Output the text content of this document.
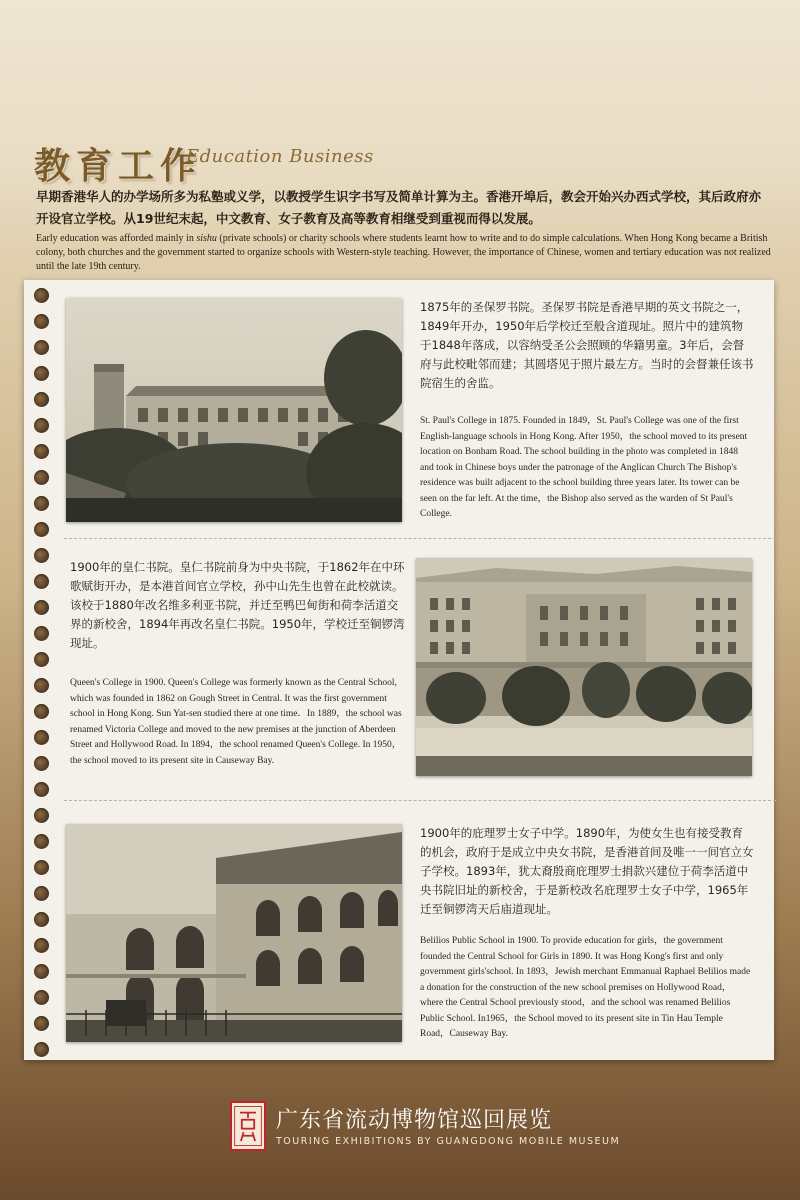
教育工作
Education Business

早期香港华人的办学场所多为私塾或义学，以教授学生识字书写及简单计算为主。香港开埠后，教会开始兴办西式学校，其后政府亦开设官立学校。从19世纪末起，中文教育、女子教育及高等教育相继受到重视而得以发展。

Early education was afforded mainly in sishu (private schools) or charity schools where students learnt how to write and to do simple calculations. When Hong Kong became a British colony, both churches and the government started to organize schools with Western-style teaching. However, the importance of Chinese, women and tertiary education was not realized until the late 19th century.

1875年的圣保罗书院。圣保罗书院是香港早期的英文书院之一，1849年开办，1950年后学校迁至般含道现址。照片中的建筑物于1848年落成，以容纳受圣公会照顾的华籍男童。3年后，会督府与此校毗邻而建；其圆塔见于照片最左方。当时的会督兼任该书院宿生的舍监。

St. Paul's College in 1875. Founded in 1849，St. Paul's College was one of the first English-language schools in Hong Kong. After 1950，the school moved to its present location on Bonham Road. The school building in the photo was completed in 1848 and took in Chinese boys under the patronage of the Anglican Church The Bishop's residence was built adjacent to the school building three years later. Its tower can be seen on the far left. At the time，the Bishop also served as the warden of St Paul's College.

1900年的皇仁书院。皇仁书院前身为中央书院，于1862年在中环歌赋街开办，是本港首间官立学校，孙中山先生也曾在此校就读。该校于1880年改名维多利亚书院，并迁至鸭巴甸街和荷李活道交界的新校舍，1894年再改名皇仁书院。1950年，学校迁至铜锣湾现址。

Queen's College in 1900. Queen's College was formerly known as the Central School, which was founded in 1862 on Gough Street in Central. It was the first government school in Hong Kong. Sun Yat-sen studied there at one time．In 1889，the school was renamed Victoria College and moved to the new premises at the junction of Aberdeen Street and Hollywood Road. In 1894，the school renamed Queen's College. In 1950，the school moved to its present site in Causeway Bay.

1900年的庇理罗士女子中学。1890年，为使女生也有接受教育的机会，政府于是成立中央女书院，是香港首间及唯一一间官立女子学校。1893年，犹太裔殷商庇理罗士捐款兴建位于荷李活道中央书院旧址的新校舍，于是新校改名庇理罗士女子中学，1965年迁至铜锣湾天后庙道现址。

Belilios Public School in 1900. To provide education for girls，the government founded the Central School for Girls in 1890. It was Hong Kong's first and only government girls'school. In 1893，Jewish merchant Emmanual Raphael Belilios made a donation for the construction of the new school premises on Hollywood Road，where the Central School previously stood，and the school was renamed Belilios Public School. In1965，the School moved to its present site in Tin Hau Temple Road，Causeway Bay.

广东省流动博物馆巡回展览
TOURING EXHIBITIONS BY GUANGDONG MOBILE MUSEUM
